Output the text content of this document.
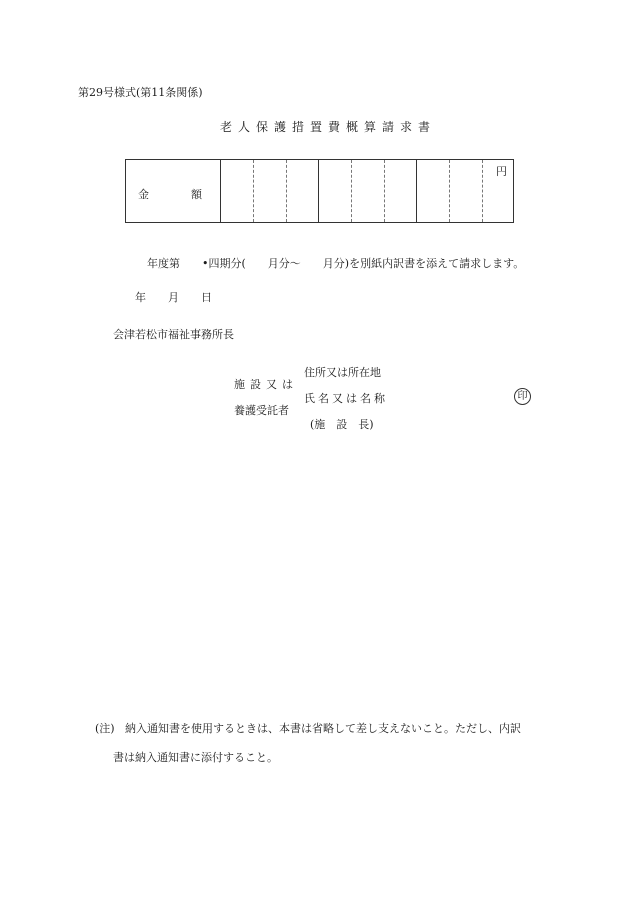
第29号様式(第11条関係)
老人保護措置費概算請求書
金額
円
年度第　　•四期分(　　月分〜　　月分)を別紙内訳書を添えて請求します。
年　　月　　日
会津若松市福祉事務所長
施設又は
養護受託者
住所又は所在地
氏名又は名称
(施　設　長)
印
(注) 納入通知書を使用するときは、本書は省略して差し支えないこと。ただし、内訳
書は納入通知書に添付すること。
